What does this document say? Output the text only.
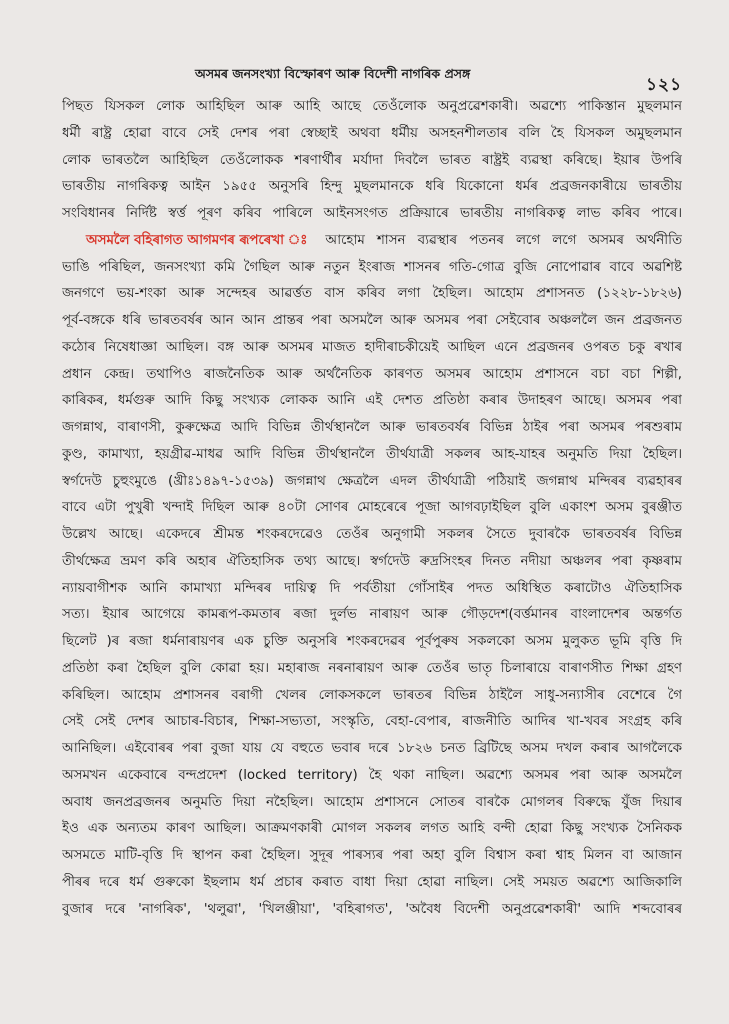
অসমৰ জনসংখ্যা বিস্ফোৰণ আৰু বিদেশী নাগৰিক প্ৰসঙ্গ
১২১
পিছত যিসকল লোক আহিছিল আৰু আহি আছে তেওঁলোক অনুপ্ৰৱেশকাৰী। অৱশ্যে পাকিস্তান মুছলমান
ধৰ্মী ৰাষ্ট্ৰ হোৱা বাবে সেই দেশৰ পৰা স্বেচ্ছাই অথবা ধৰ্মীয় অসহনশীলতাৰ বলি হৈ যিসকল অমুছলমান
লোক ভাৰতলৈ আহিছিল তেওঁলোকক শৰণাৰ্থীৰ মৰ্যাদা দিবলৈ ভাৰত ৰাষ্ট্ৰই ব্যৱস্থা কৰিছে। ইয়াৰ উপৰি
ভাৰতীয় নাগৰিকত্ব আইন ১৯৫৫ অনুসৰি হিন্দু মুছলমানকে ধৰি যিকোনো ধৰ্মৰ প্ৰব্ৰজনকাৰীয়ে ভাৰতীয়
সংবিধানৰ নিৰ্দিষ্ট স্বৰ্ত্ত পূৰণ কৰিব পাৰিলে আইনসংগত প্ৰক্ৰিয়াৰে ভাৰতীয় নাগৰিকত্ব লাভ কৰিব পাৰে।
অসমলৈ বহিৰাগত আগমণৰ ৰূপৰেখা ঃ আহোম শাসন ব্যৱস্থাৰ পতনৰ লগে লগে অসমৰ অৰ্থনীতি
ভাঙি পৰিছিল, জনসংখ্যা কমি গৈছিল আৰু নতুন ইংৰাজ শাসনৰ গতি-গোত্ৰ বুজি নোপোৱাৰ বাবে অৱশিষ্ট
জনগণে ভয়-শংকা আৰু সন্দেহৰ আৱৰ্ত্তত বাস কৰিব লগা হৈছিল। আহোম প্ৰশাসনত (১২২৮-১৮২৬)
পূৰ্ব-বঙ্গকে ধৰি ভাৰতবৰ্ষৰ আন আন প্ৰান্তৰ পৰা অসমলৈ আৰু অসমৰ পৰা সেইবোৰ অঞ্চললৈ জন প্ৰব্ৰজনত
কঠোৰ নিষেধাজ্ঞা আছিল। বঙ্গ আৰু অসমৰ মাজত হাদীৰাচকীয়েই আছিল এনে প্ৰব্ৰজনৰ ওপৰত চকু ৰখাৰ
প্ৰধান কেন্দ্ৰ। তথাপিও ৰাজনৈতিক আৰু অৰ্থনৈতিক কাৰণত অসমৰ আহোম প্ৰশাসনে বচা বচা শিল্পী,
কাৰিকৰ, ধৰ্মগুৰু আদি কিছু সংখ্যক লোকক আনি এই দেশত প্ৰতিষ্ঠা কৰাৰ উদাহৰণ আছে। অসমৰ পৰা
জগন্নাথ, বাৰাণসী, কুৰুক্ষেত্ৰ আদি বিভিন্ন তীৰ্থস্থানলৈ আৰু ভাৰতবৰ্ষৰ বিভিন্ন ঠাইৰ পৰা অসমৰ পৰশুৰাম
কুণ্ড, কামাখ্যা, হয়গ্ৰীৱ-মাধৱ আদি বিভিন্ন তীৰ্থস্থানলৈ তীৰ্থযাত্ৰী সকলৰ আহ-যাহৰ অনুমতি দিয়া হৈছিল।
স্বৰ্গদেউ চুহুংমুঙে (খ্ৰীঃ১৪৯৭-১৫৩৯) জগন্নাথ ক্ষেত্ৰলৈ এদল তীৰ্থযাত্ৰী পঠিয়াই জগন্নাথ মন্দিৰৰ ব্যৱহাৰৰ
বাবে এটা পুখুৰী খন্দাই দিছিল আৰু ৪০টা সোণৰ মোহৰেৰে পূজা আগবঢ়াইছিল বুলি একাংশ অসম বুৰঞ্জীত
উল্লেখ আছে। একেদৰে শ্ৰীমন্ত শংকৰদেৱেও তেওঁৰ অনুগামী সকলৰ সৈতে দুবাৰকৈ ভাৰতবৰ্ষৰ বিভিন্ন
তীৰ্থক্ষেত্ৰ ভ্ৰমণ কৰি অহাৰ ঐতিহাসিক তথ্য আছে। স্বৰ্গদেউ ৰুদ্ৰসিংহৰ দিনত নদীয়া অঞ্চলৰ পৰা কৃষ্ণৰাম
ন্যায়বাগীশক আনি কামাখ্যা মন্দিৰৰ দায়িত্ব দি পৰ্বতীয়া গোঁসাইৰ পদত অধিস্থিত কৰাটোও ঐতিহাসিক
সত্য। ইয়াৰ আগেয়ে কামৰূপ-কমতাৰ ৰজা দুৰ্লভ নাৰায়ণ আৰু গৌড়দেশ(বৰ্ত্তমানৰ বাংলাদেশৰ অন্তৰ্গত
ছিলেট )ৰ ৰজা ধৰ্মনাৰায়ণৰ এক চুক্তি অনুসৰি শংকৰদেৱৰ পূৰ্বপুৰুষ সকলকো অসম মুলুকত ভূমি বৃত্তি দি
প্ৰতিষ্ঠা কৰা হৈছিল বুলি কোৱা হয়। মহাৰাজ নৰনাৰায়ণ আৰু তেওঁৰ ভাতৃ চিলাৰায়ে বাৰাণসীত শিক্ষা গ্ৰহণ
কৰিছিল। আহোম প্ৰশাসনৰ বৰাগী খেলৰ লোকসকলে ভাৰতৰ বিভিন্ন ঠাইলৈ সাধু-সন্যাসীৰ বেশেৰে গৈ
সেই সেই দেশৰ আচাৰ-বিচাৰ, শিক্ষা-সভ্যতা, সংস্কৃতি, বেহা-বেপাৰ, ৰাজনীতি আদিৰ খা-খবৰ সংগ্ৰহ কৰি
আনিছিল। এইবোৰৰ পৰা বুজা যায় যে বহুতে ভবাৰ দৰে ১৮২৬ চনত ব্ৰিটিছে অসম দখল কৰাৰ আগলৈকে
অসমখন একেবাৰে বন্দপ্ৰদেশ (locked territory) হৈ থকা নাছিল। অৱশ্যে অসমৰ পৰা আৰু অসমলৈ
অবাধ জনপ্ৰব্ৰজনৰ অনুমতি দিয়া নহৈছিল। আহোম প্ৰশাসনে সোতৰ বাৰকৈ মোগলৰ বিৰুদ্ধে যুঁজ দিয়াৰ
ইও এক অন্যতম কাৰণ আছিল। আক্ৰমণকাৰী মোগল সকলৰ লগত আহি বন্দী হোৱা কিছু সংখ্যক সৈনিকক
অসমতে মাটি-বৃত্তি দি স্থাপন কৰা হৈছিল। সুদূৰ পাৰস্যৰ পৰা অহা বুলি বিশ্বাস কৰা শ্বাহ মিলন বা আজান
পীৰৰ দৰে ধৰ্ম গুৰুকো ইছলাম ধৰ্ম প্ৰচাৰ কৰাত বাধা দিয়া হোৱা নাছিল। সেই সময়ত অৱশ্যে আজিকালি
বুজাৰ দৰে 'নাগৰিক', 'থলুৱা', 'খিলঞ্জীয়া', 'বহিৰাগত', 'অবৈধ বিদেশী অনুপ্ৰৱেশকাৰী' আদি শব্দবোৰৰ
